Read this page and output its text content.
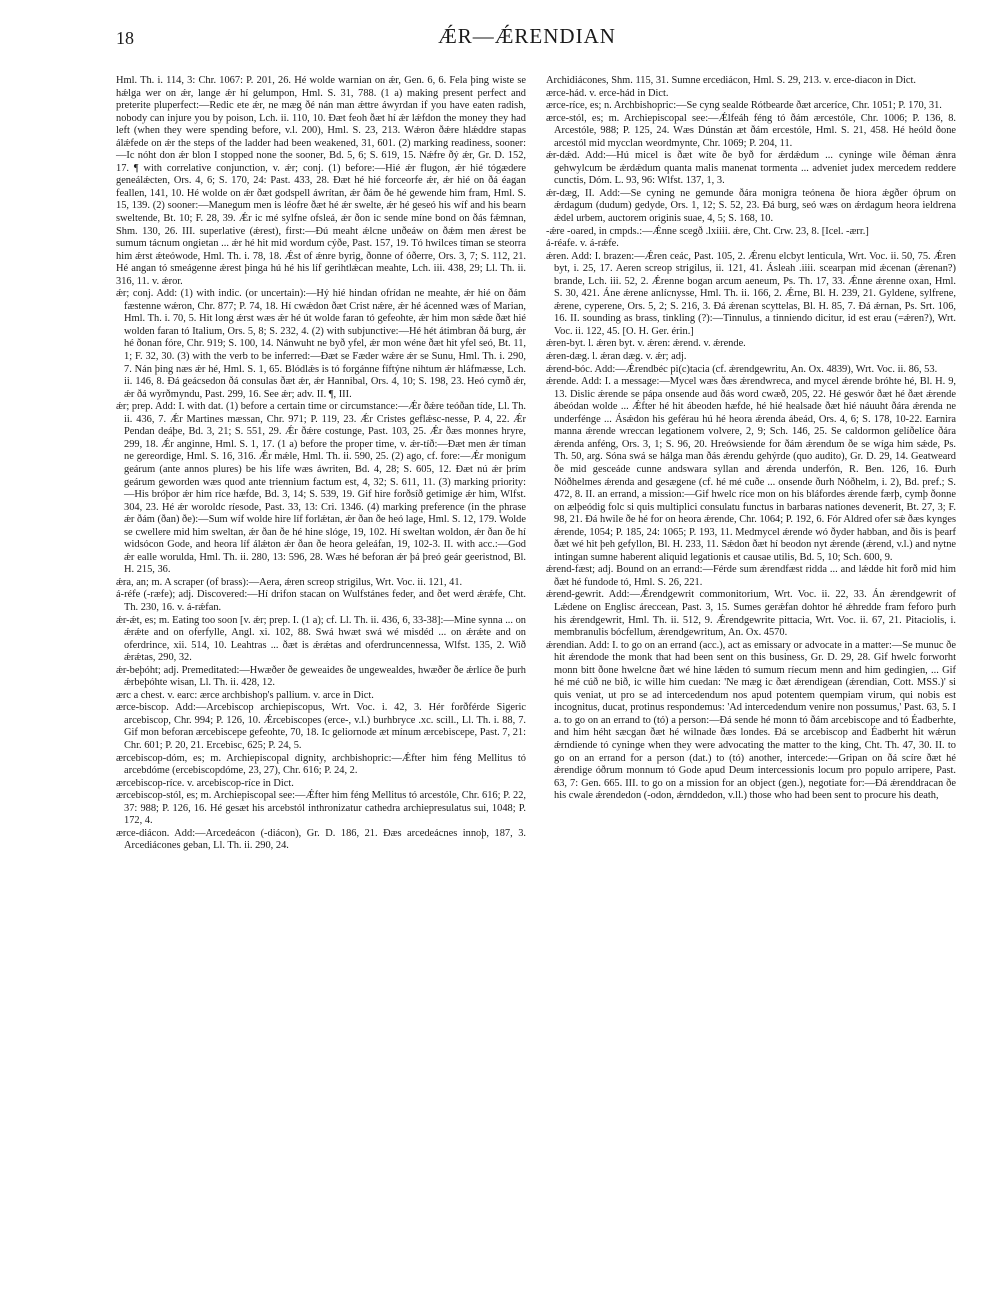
18	ǼR—ǼRENDIAN

Hml. Th. i. 114, 3: Chr. 1067: P. 201, 26. Hé wolde warnian on ǽr, Gen. 6, 6. Fela þing wiste se hǽlga wer on ǽr, lange ǽr hí gelumpon, Hml. S. 31, 788. (1 a) making present perfect and preterite pluperfect:—Redic ete ǽr, ne mæg ðé nán man ǽttre áwyrdan if you have eaten radish, nobody can injure you by poison, Lch. ii. 110, 10. Ðæt feoh ðæt hí ǽr lǽfdon the money they had left (when they were spending before, v.l. 200), Hml. S. 23, 213. Wǽron ðǽre hlǽddre stapas álǽfede on ǽr the steps of the ladder had been weakened, 31, 601. (2) marking readiness, sooner:—Ic nóht don ǽr blon I stopped none the sooner, Bd. 5, 6; S. 619, 15. Nǽfre ðý ǽr, Gr. D. 152, 17. ¶ with correlative conjunction, v. ǽr; conj. (1) before:—Hié ǽr flugon, ǽr hié tógædere geneálǽcten, Ors. 4, 6; S. 170, 24: Past. 433, 28. Ðæt hé hié forceorfe ǽr, ǽr hié on ðá éagan feallen, 141, 10. Hé wolde on ǽr ðæt godspell áwrítan, ǽr ðám ðe hé gewende him fram, Hml. S. 15, 139. (2) sooner:—Manegum men is léofre ðæt hé ǽr swelte, ǽr hé geseó his wíf and his bearn sweltende, Bt. 10; F. 28, 39. Ǽr ic mé sylfne ofsleá, ǽr ðon ic sende míne bond on ðás fǽmnan, Shm. 130, 26. III. superlative (ǽrest), first:—Ðú meaht ǽlcne unðeáw on ðǽm men ǽrest be sumum tácnum ongietan ... ǽr hé hit mid wordum cýðe, Past. 157, 19. Tó hwilces tíman se steorra him ǽrst ǽteówode, Hml. Th. i. 78, 18. Ǽst of ǽnre byrig, ðonne of óðerre, Ors. 3, 7; S. 112, 21. Hé angan tó smeágenne ǽrest þinga hú hé his líf gerihtlǽcan meahte, Lch. iii. 438, 29; Ll. Th. ii. 316, 11. v. ǽror.

ǽr; conj. Add: (1) with indic. (or uncertain):—Hý hié hindan ofrídan ne meahte, ǽr hié on ðám fæstenne wǽron, Chr. 877; P. 74, 18. Hí cwǽdon ðæt Crist nǽre, ǽr hé ácenned wæs of Marian, Hml. Th. i. 70, 5. Hit long ǽrst wæs ǽr hé út wolde faran tó gefeohte, ǽr him mon sǽde ðæt hié wolden faran tó Italium, Ors. 5, 8; S. 232, 4. (2) with subjunctive:—Hé hét átimbran ðá burg, ǽr hé ðonan fóre, Chr. 919; S. 100, 14. Nánwuht ne byð yfel, ǽr mon wéne ðæt hit yfel seó, Bt. 11, 1; F. 32, 30. (3) with the verb to be inferred:—Ðæt se Fæder wǽre ǽr se Sunu, Hml. Th. i. 290, 7. Nán þing næs ǽr hé, Hml. S. 1, 65. Blódlǽs is tó forgánne fíftýne nihtum ǽr hláfmæsse, Lch. ii. 146, 8. Ðá geácsedon ðá consulas ðæt ǽr, ǽr Hannibal, Ors. 4, 10; S. 198, 23. Heó cymð ǽr, ǽr ðá wyrðmyndu, Past. 299, 16. See ǽr; adv. II. ¶, III.

ǽr; prep. Add: I. with dat. (1) before a certain time or circumstance:—Ǽr ðǽre teóðan tíde, Ll. Th. ii. 436, 7. Ǽr Martines mæssan, Chr. 971; P. 119, 23. Ǽr Cristes geflǽsc-nesse, P. 4, 22. Ǽr Pendan deáþe, Bd. 3, 21; S. 551, 29. Ǽr ðǽre costunge, Past. 103, 25. Ǽr ðæs monnes hryre, 299, 18. Ǽr anginne, Hml. S. 1, 17. (1 a) before the proper time, v. ǽr-tíð:—Ðæt men ǽr tíman ne gereordige, Hml. S. 16, 316. Ǽr mǽle, Hml. Th. ii. 590, 25. (2) ago, cf. fore:—Ǽr monigum geárum (ante annos plures) be his lífe wæs áwriten, Bd. 4, 28; S. 605, 12. Ðæt nú ǽr þrím geárum geworden wæs quod ante triennium factum est, 4, 32; S. 611, 11. (3) marking priority:—His bróþor ǽr him ríce hæfde, Bd. 3, 14; S. 539, 19. Gif hire forðsíð getimige ǽr him, Wlfst. 304, 23. Hé ǽr woroldc ríesode, Past. 33, 13: Cri. 1346. (4) marking preference (in the phrase ǽr ðám (ðan) ðe):—Sum wíf wolde hire líf forlǽtan, ǽr ðan ðe heó lage, Hml. S. 12, 179. Wolde se cwellere mid him sweltan, ǽr ðan ðe hé hine slóge, 19, 102. Hí sweltan woldon, ǽr ðan ðe hí widsócon Gode, and heora líf álǽton ǽr ðan ðe heora geleáfan, 19, 102-3. II. with acc.:—God ǽr ealle worulda, Hml. Th. ii. 280, 13: 596, 28. Wæs hé beforan ǽr þá þreó geár geeristnod, Bl. H. 215, 36.

ǽra, an; m. A scraper (of brass):—Aera, ǽren screop strigilus, Wrt. Voc. ii. 121, 41.

á-réfe (-ræfe); adj. Discovered:—Hí drifon stacan on Wulfstánes feder, and ðet werd ǽrǽfe, Cht. Th. 230, 16. v. á-rǽfan.

ǽr-ǽt, es; m. Eating too soon [v. ǽr; prep. I. (1 a); cf. Ll. Th. ii. 436, 6, 33-38]:—Mine synna ... on ǽrǽte and on oferfylle, Angl. xi. 102, 88. Swá hwæt swá wé misdéd ... on ǽrǽte and on oferdrince, xii. 514, 10. Leahtras ... ðæt is ǽrǽtas and oferdruncennessa, Wlfst. 135, 2. Wið ǽrǽtas, 290, 32.

ǽr-beþóht; adj. Premeditated:—Hwæðer ðe geweaides ðe ungewealdes, hwæðer ðe ǽrlíce ðe þurh ǽrbeþóhte wisan, Ll. Th. ii. 428, 12.

ærc a chest. v. earc: ærce archbishop's pallium. v. arce in Dict.

ærce-biscop. Add:—Arcebiscop archiepiscopus, Wrt. Voc. i. 42, 3. Hér forðférde Sigeric arcebiscop, Chr. 994; P. 126, 10. Ǽrcebiscopes (erce-, v.l.) burhbryce .xc. scill., Ll. Th. i. 88, 7. Gif mon beforan ærcebiscepe gefeohte, 70, 18. Ic geliornode æt mínum ærcebiscepe, Past. 7, 21: Chr. 601; P. 20, 21. Ercebisc, 625; P. 24, 5.

ærcebiscop-dóm, es; m. Archiepiscopal dignity, archbishopric:—Ǽfter him féng Mellitus tó arcebdóme (ercebiscopdóme, 23, 27), Chr. 616; P. 24, 2.

ærcebiscop-ríce. v. arcebiscop-ríce in Dict.

ærcebiscop-stól, es; m. Archiepiscopal see:—Ǽfter him féng Mellitus tó arcestóle, Chr. 616; P. 22, 37: 988; P. 126, 16. Hé gesæt his arcebstól inthronizatur cathedra archiepresulatus sui, 1048; P. 172, 4.

ærce-diácon. Add:—Arcedeácon (-diácon), Gr. D. 186, 21. Ðæs arcedeácnes innoþ, 187, 3. Arcediácones geban, Ll. Th. ii. 290, 24.

Archidiácones, Shm. 115, 31. Sumne ercediácon, Hml. S. 29, 213. v. erce-diacon in Dict.

ærce-hád. v. erce-hád in Dict.

ærce-ríce, es; n. Archbishopric:—Se cyng sealde Rótbearde ðæt arceríce, Chr. 1051; P. 170, 31.

ærce-stól, es; m. Archiepiscopal see:—Ǽlfeáh féng tó ðám ærcestóle, Chr. 1006; P. 136, 8. Arcestóle, 988; P. 125, 24. Wæs Dúnstán æt ðám ercestóle, Hml. S. 21, 458. Hé heóld ðone arcestól mid mycclan weordmynte, Chr. 1069; P. 204, 11.

ǽr-dǽd. Add:—Hú micel is ðæt wíte ðe byð for ǽrdǽdum ... cyninge wile ðéman ǽnra gehwylcum be ǽrdǽdum quanta malis manenat tormenta ... adveniet judex mercedem reddere cunctis, Dóm. L. 93, 96: Wlfst. 137, 1, 3.

ǽr-dæg, II. Add:—Se cyning ne gemunde ðára monigra teónena ðe hiora ǽgðer óþrum on ǽrdagum (dudum) gedyde, Ors. 1, 12; S. 52, 23. Ðá burg, seó wæs on ǽrdagum heora ieldrena ǽdel urbem, auctorem originis suae, 4, 5; S. 168, 10.

-ǽre -oared, in cmpds.:—Ǽnne scegð .lxiiii. ǽre, Cht. Crw. 23, 8. [Icel. -ærr.]

á-réafe. v. á-rǽfe.

ǽren. Add: I. brazen:—Ǽren ceác, Past. 105, 2. Ǽrenu elcbyt lenticula, Wrt. Voc. ii. 50, 75. Ǽren byt, i. 25, 17. Aeren screop strigilus, ii. 121, 41. Ásleah .iiii. scearpan mid ǽcenan (ǽrenan?) brande, Lch. iii. 52, 2. Ǽrenne bogan arcum aeneum, Ps. Th. 17, 33. Ǽnne ǽrenne oxan, Hml. S. 30, 421. Áne ǽrene anlícnysse, Hml. Th. ii. 166, 2. Ǽrne, Bl. H. 239, 21. Gyldene, sylfrene, ǽrene, cyperene, Ors. 5, 2; S. 216, 3. Ðá ǽrenan scyttelas, Bl. H. 85, 7. Ðá ǽrnan, Ps. Srt. 106, 16. II. sounding as brass, tinkling (?):—Tinnulus, a tinniendo dicitur, id est erau (=ǽren?), Wrt. Voc. ii. 122, 45. [O. H. Ger. érin.]

ǽren-byt. l. ǽren byt. v. ǽren: ǽrend. v. ǽrende.

ǽren-dæg. l. ǽran dæg. v. ǽr; adj.

ǽrend-bóc. Add:—Ǽrendbéc pi(c)tacia (cf. ǽrendgewritu, An. Ox. 4839), Wrt. Voc. ii. 86, 53.

ǽrende. Add: I. a message:—Mycel wæs ðæs ǽrendwreca, and mycel ǽrende bróhte hé, Bl. H. 9, 13. Dislic ǽrende se pápa onsende aud ðás word cwæð, 205, 22. Hé geswór ðæt hé ðæt ǽrende ábeódan wolde ... Ǽfter hé hit ábeoden hæfde, hé hié healsade ðæt hié náuuht ðára ǽrenda ne underfénge ... Ásǽdon his geférau hú hé heora ǽrenda ábeád, Ors. 4, 6; S. 178, 10-22. Earnira manna ǽrende wreccan legationem volvere, 2, 9; Sch. 146, 25. Se caldormon gelíðelíce ðára ǽrenda anféng, Ors. 3, 1; S. 96, 20. Hreówsiende for ðám ǽrendum ðe se wíga him sǽde, Ps. Th. 50, arg. Sóna swá se hálga man ðás ǽrendu gehýrde (quo audito), Gr. D. 29, 14. Geatweard ðe mid gesceáde cunne andswara syllan and ǽrenda underfón, R. Ben. 126, 16. Ðurh Nóðhelmes ǽrenda and gesægene (cf. hé mé cuðe ... onsende ðurh Nóðhelm, i. 2), Bd. pref.; S. 472, 8. II. an errand, a mission:—Gif hwelc ríce mon on his bláfordes ǽrende færþ, cymþ ðonne on ælþeódig folc si quis multiplici consulatu functus in barbaras nationes devenerit, Bt. 27, 3; F. 98, 21. Ðá hwile ðe hé for on heora ǽrende, Chr. 1064; P. 192, 6. Fór Aldred ofer sǽ ðæs kynges ǽrende, 1054; P. 185, 24: 1065; P. 193, 11. Medmycel ǽrende wó ðyder habban, and ðis is þearf ðæt wé hit þeh gefyllon, Bl. H. 233, 11. Sǽdon ðæt hí beodon nyt ǽrende (ǽrend, v.l.) and nytne intingan sumne haberent aliquid legationis et causae utilis, Bd. 5, 10; Sch. 600, 9.

ǽrend-fæst; adj. Bound on an errand:—Férde sum ǽrendfæst ridda ... and lǽdde hit forð mid him ðæt hé fundode tó, Hml. S. 26, 221.

ǽrend-gewrit. Add:—Ǽrendgewrit commonitorium, Wrt. Voc. ii. 22, 33. Án ǽrendgewrit of Lǽdene on Englisc áreccean, Past. 3, 15. Sumes gerǽfan dohtor hé ǽhredde fram feforo þurh his ǽrendgewrit, Hml. Th. ii. 512, 9. Ǽrendgewrite pittacia, Wrt. Voc. ii. 67, 21. Pitaciolis, i. membranulis bócfellum, ǽrendgewritum, An. Ox. 4570.

ǽrendian. Add: I. to go on an errand (acc.), act as emissary or advocate in a matter:—Se munuc ðe hit ǽrendode the monk that had been sent on this business, Gr. D. 29, 28. Gif hwelc forworht monn bitt ðone hwelcne ðæt wé hine lǽden tó sumum ríecum menn and him gedingien, ... Gif hé mé cúð ne bið, ic wille him cuedan: 'Ne mæg ic ðæt ǽrendigean (ǽrendian, Cott. MSS.)' si quis veniat, ut pro se ad intercedendum nos apud potentem quempiam virum, qui nobis est incognitus, ducat, protinus respondemus: 'Ad intercedendum venire non possumus,' Past. 63, 5. I a. to go on an errand to (tó) a person:—Ðá sende hé monn tó ðám arcebiscope and tó Éadberhte, and him héht sæcgan ðæt hé wilnade ðæs londes. Ðá se arcebiscop and Éadberht hit wǽrun ǽrndiende tó cyninge when they were advocating the matter to the king, Cht. Th. 47, 30. II. to go on an errand for a person (dat.) to (tó) another, intercede:—Gripan on ðá scíre ðæt hé ǽrendige óðrum monnum tó Gode apud Deum intercessionis locum pro populo arripere, Past. 63, 7: Gen. 665. III. to go on a mission for an object (gen.), negotiate for:—Ðá ǽrenddracan ðe his cwale ǽrendedon (-odon, ǽrnddedon, v.ll.) those who had been sent to procure his death,
